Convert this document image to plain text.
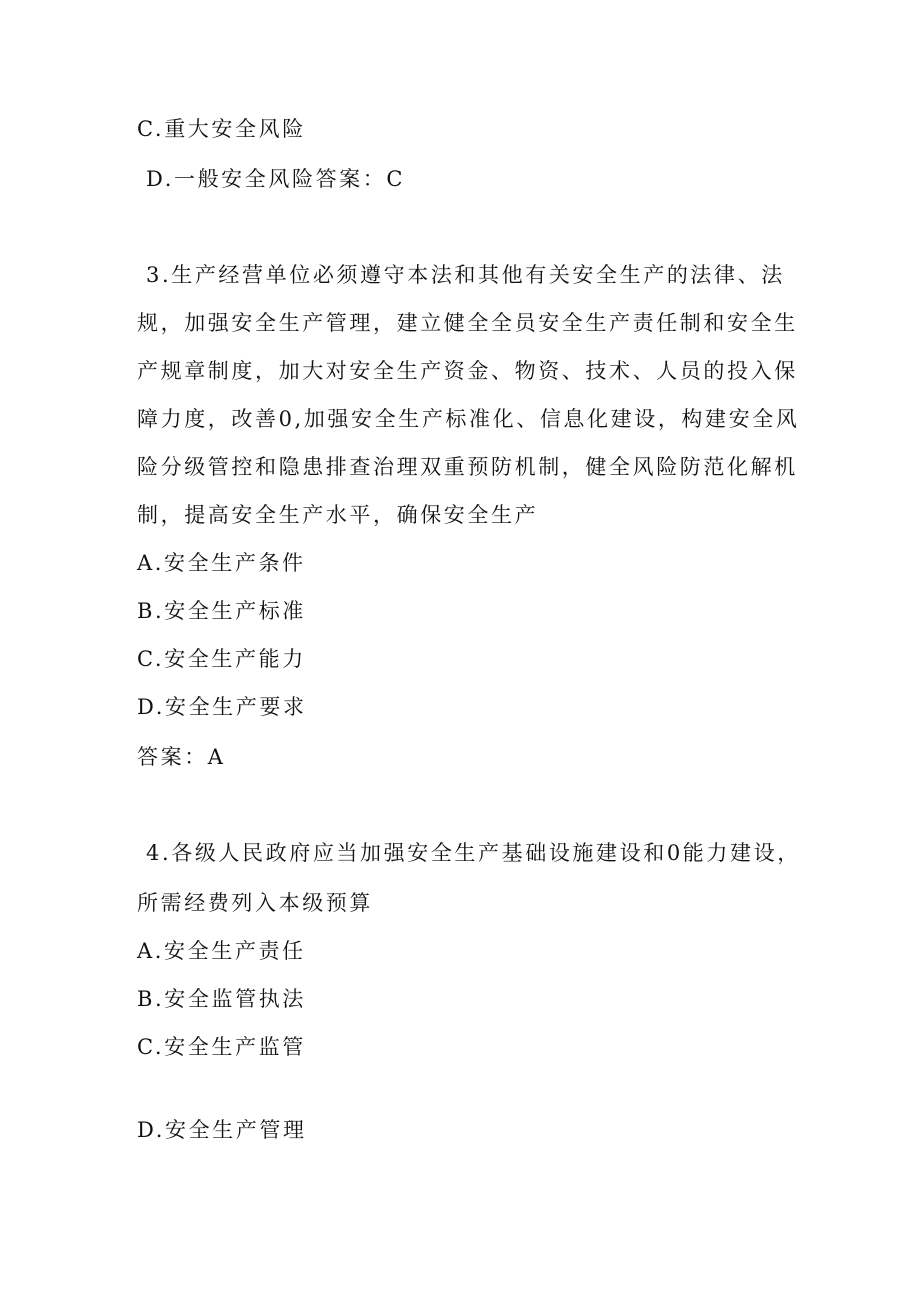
C.重大安全风险
D.一般安全风险答案：C
3.生产经营单位必须遵守本法和其他有关安全生产的法律、法
规，加强安全生产管理，建立健全全员安全生产责任制和安全生
产规章制度，加大对安全生产资金、物资、技术、人员的投入保
障力度，改善0,加强安全生产标准化、信息化建设，构建安全风
险分级管控和隐患排查治理双重预防机制，健全风险防范化解机
制，提高安全生产水平，确保安全生产
A.安全生产条件
B.安全生产标准
C.安全生产能力
D.安全生产要求
答案：A
4.各级人民政府应当加强安全生产基础设施建设和0能力建设，
所需经费列入本级预算
A.安全生产责任
B.安全监管执法
C.安全生产监管
D.安全生产管理
